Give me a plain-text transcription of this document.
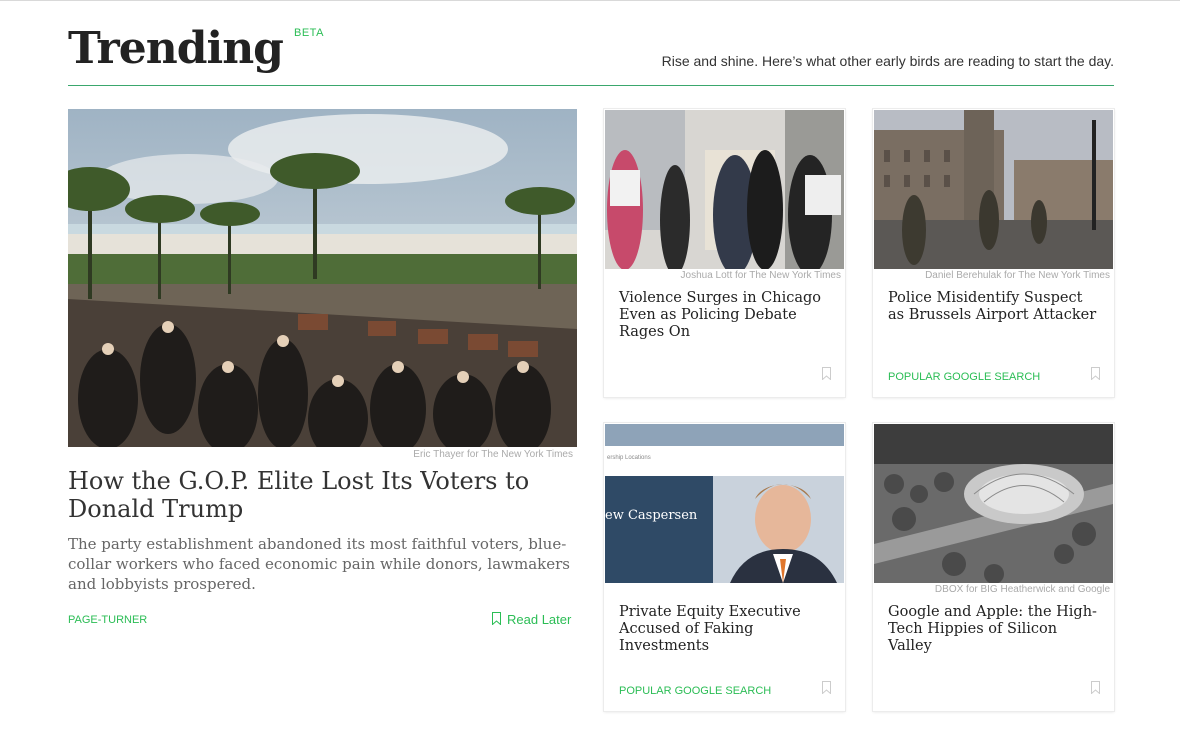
Trending BETA
Rise and shine. Here’s what other early birds are reading to start the day.
Eric Thayer for The New York Times
How the G.O.P. Elite Lost Its Voters to Donald Trump
The party establishment abandoned its most faithful voters, blue-collar workers who faced economic pain while donors, lawmakers and lobbyists prospered.
PAGE-TURNER	Read Later
Joshua Lott for The New York Times
Violence Surges in Chicago Even as Policing Debate Rages On
Daniel Berehulak for The New York Times
Police Misidentify Suspect as Brussels Airport Attacker
POPULAR GOOGLE SEARCH
ership Locations
ew Caspersen
Private Equity Executive Accused of Faking Investments
POPULAR GOOGLE SEARCH
DBOX for BIG Heatherwick and Google
Google and Apple: the High-Tech Hippies of Silicon Valley
